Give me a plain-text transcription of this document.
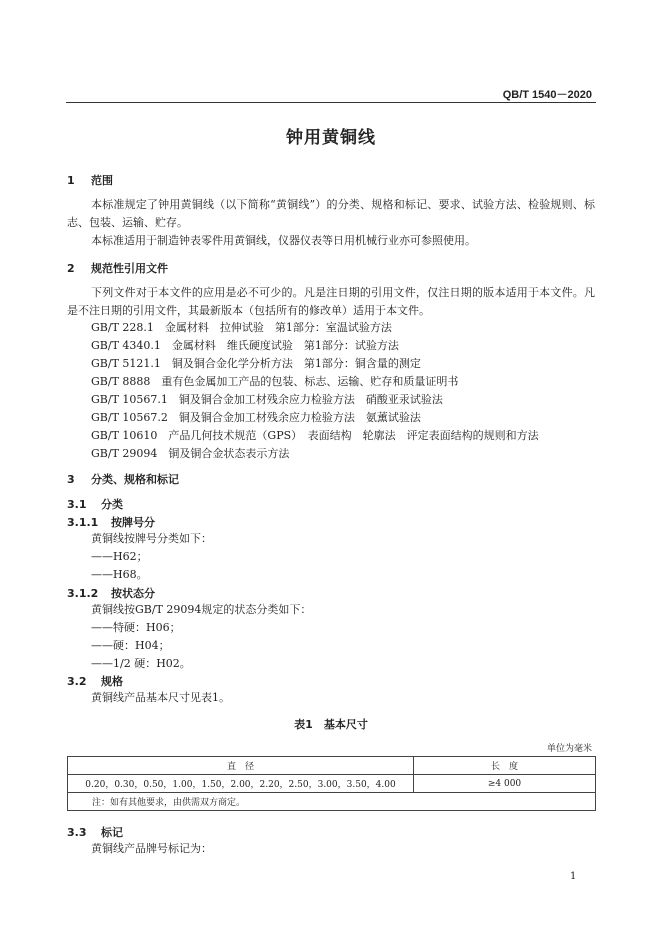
QB/T 1540－2020
钟用黄铜线
1 范围
本标准规定了钟用黄铜线（以下简称“黄铜线”）的分类、规格和标记、要求、试验方法、检验规则、标志、包装、运输、贮存。
本标准适用于制造钟表零件用黄铜线，仪器仪表等日用机械行业亦可参照使用。
2 规范性引用文件
下列文件对于本文件的应用是必不可少的。凡是注日期的引用文件，仅注日期的版本适用于本文件。凡是不注日期的引用文件，其最新版本（包括所有的修改单）适用于本文件。
GB/T 228.1　金属材料　拉伸试验　第1部分：室温试验方法
GB/T 4340.1　金属材料　维氏硬度试验　第1部分：试验方法
GB/T 5121.1　铜及铜合金化学分析方法　第1部分：铜含量的测定
GB/T 8888　重有色金属加工产品的包装、标志、运输、贮存和质量证明书
GB/T 10567.1　铜及铜合金加工材残余应力检验方法　硝酸亚汞试验法
GB/T 10567.2　铜及铜合金加工材残余应力检验方法　氨薰试验法
GB/T 10610　产品几何技术规范（GPS）　表面结构　轮廓法　评定表面结构的规则和方法
GB/T 29094　铜及铜合金状态表示方法
3 分类、规格和标记
3.1 分类
3.1.1 按牌号分
黄铜线按牌号分类如下：
——H62；
——H68。
3.1.2 按状态分
黄铜线按GB/T 29094规定的状态分类如下：
——特硬：H06；
——硬：H04；
——1/2 硬：H02。
3.2 规格
黄铜线产品基本尺寸见表1。
表1　基本尺寸
单位为毫米
直　径	长　度
0.20，0.30，0.50，1.00，1.50，2.00，2.20，2.50，3.00，3.50，4.00	≥4 000
注：如有其他要求，由供需双方商定。	
3.3 标记
黄铜线产品牌号标记为：
1
